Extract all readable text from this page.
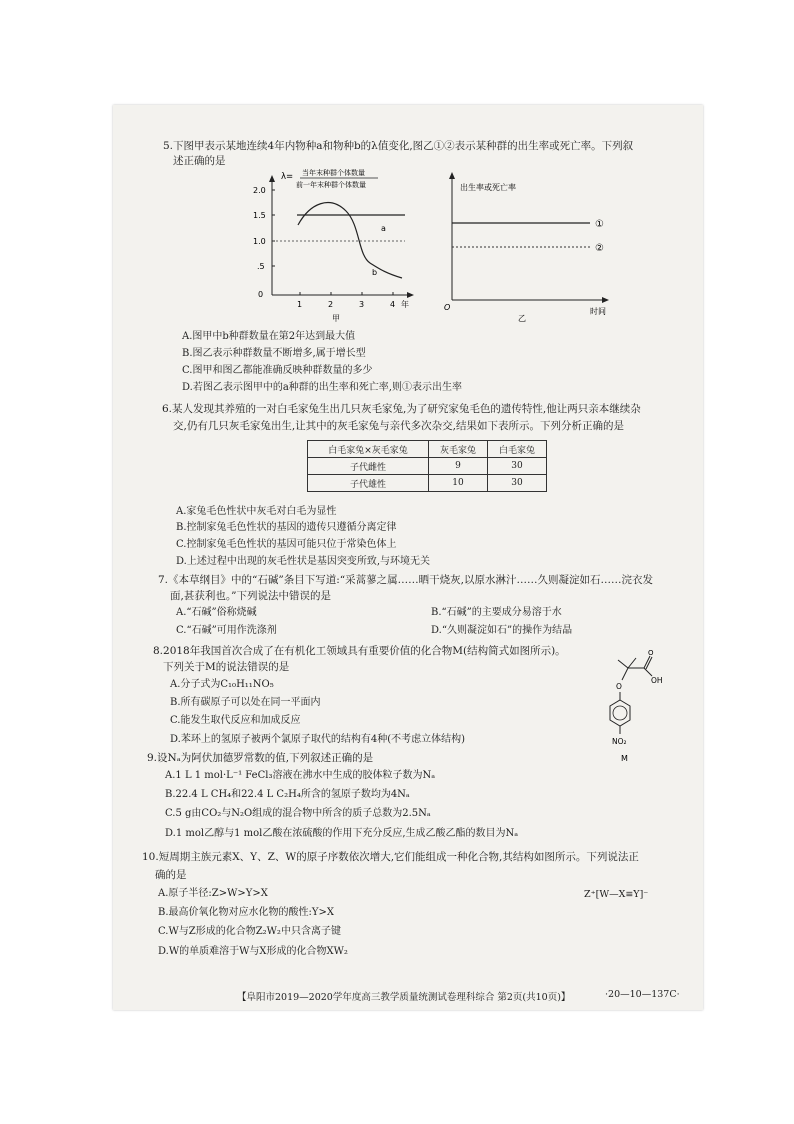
5.下图甲表示某地连续4年内物种a和物种b的λ值变化,图乙①②表示某种群的出生率或死亡率。下列叙
述正确的是
λ= 当年末种群个体数量
前一年末种群个体数量
2.0
1.5
1.0
.5
0
1	2	3	4 年
a
b
甲
出生率或死亡率
O	时间
①
②
乙
A.图甲中b种群数量在第2年达到最大值
B.图乙表示种群数量不断增多,属于增长型
C.图甲和图乙都能准确反映种群数量的多少
D.若图乙表示图甲中的a种群的出生率和死亡率,则①表示出生率
6.某人发现其养殖的一对白毛家兔生出几只灰毛家兔,为了研究家兔毛色的遗传特性,他让两只亲本继续杂
交,仍有几只灰毛家兔出生,让其中的灰毛家兔与亲代多次杂交,结果如下表所示。下列分析正确的是
白毛家兔×灰毛家兔	灰毛家兔	白毛家兔
子代雌性	9	30
子代雄性	10	30
A.家兔毛色性状中灰毛对白毛为显性
B.控制家兔毛色性状的基因的遗传只遵循分离定律
C.控制家兔毛色性状的基因可能只位于常染色体上
D.上述过程中出现的灰毛性状是基因突变所致,与环境无关
7.《本草纲目》中的“石碱”条目下写道:“采蒿蓼之属……晒干烧灰,以原水淋汁……久则凝淀如石……浣衣发
面,甚获利也。”下列说法中错误的是
A.“石碱”俗称烧碱	B.“石碱”的主要成分易溶于水
C.“石碱”可用作洗涤剂	D.“久则凝淀如石”的操作为结晶
8.2018年我国首次合成了在有机化工领域具有重要价值的化合物M(结构简式如图所示)。
下列关于M的说法错误的是
A.分子式为C₁₀H₁₁NO₅
B.所有碳原子可以处在同一平面内
C.能发生取代反应和加成反应
D.苯环上的氢原子被两个氯原子取代的结构有4种(不考虑立体结构)
O
OH
O
NO₂
M
9.设Nₐ为阿伏加德罗常数的值,下列叙述正确的是
A.1 L 1 mol·L⁻¹ FeCl₃溶液在沸水中生成的胶体粒子数为Nₐ
B.22.4 L CH₄和22.4 L C₂H₄所含的氢原子数均为4Nₐ
C.5 g由CO₂与N₂O组成的混合物中所含的质子总数为2.5Nₐ
D.1 mol乙醇与1 mol乙酸在浓硫酸的作用下充分反应,生成乙酸乙酯的数目为Nₐ
10.短周期主族元素X、Y、Z、W的原子序数依次增大,它们能组成一种化合物,其结构如图所示。下列说法正
确的是
A.原子半径:Z>W>Y>X	Z⁺[W—X≡Y]⁻
B.最高价氧化物对应水化物的酸性:Y>X
C.W与Z形成的化合物Z₂W₂中只含离子键
D.W的单质难溶于W与X形成的化合物XW₂
【阜阳市2019—2020学年度高三教学质量统测试卷理科综合 第2页(共10页)】	·20—10—137C·
